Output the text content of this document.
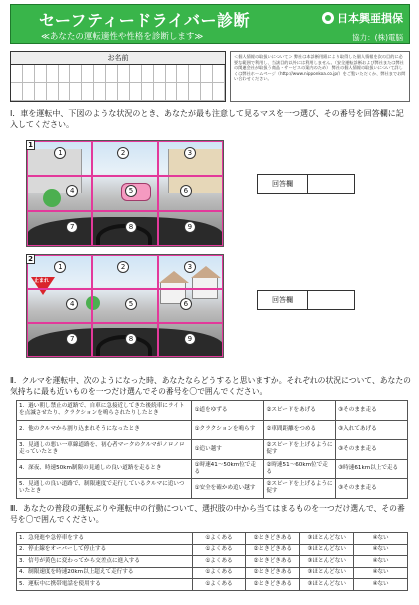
セーフティードライバー診断
≪あなたの運転適性や性格を診断します≫
日本興亜損保
協力：(株)電脳
お名前	＜個人情報の取扱いについて＞ 弊社は本診断用紙により取得した個人情報を次の目的に必要な範囲で利用し、当該目的以外には利用しません。（安全運転診断および弊社または弊社の関連会社が取扱う商品・サービスの案内のため） 弊社の個人情報の取扱いについて詳しくは弊社ホームページ（http://www.nipponkoa.co.jp/）をご覧いただくか、弊社までお問い合わせください。
Ⅰ．車を運転中、下図のような状況のとき、あなたが最も注意して見るマスを一つ選び、その番号を回答欄に記入してください。
1
1	2	3
4	5	6
7	8	9
回答欄
2
止まれ
1	2	3
4	5	6
7	8	9
回答欄
Ⅱ．クルマを運転中、次のようになった時、あなたならどうすると思いますか。それぞれの状況について、あなたの気持ちに最も近いものを一つだけ選んでその番号を〇で囲んでください。
1．過い朝し禁止の道路で、自車に急接近してきた後続車にライトを点滅させたり、クラクションを鳴らされたりしたとき	①道をゆずる	②スピードをあげる	③そのまま走る
2．他のクルマから割り込まれそうになったとき	①クラクションを鳴らす	②車間距離をつめる	③入れてあげる
3．見通しの悪い一車線道路を、初心者マークのクルマがノロノロ走っていたとき	①追い越す	②スピードを上げるように促す	③そのまま走る
4．深夜、時速50km制限の見通しの良い道路を走るとき	①時速41〜50km位で走る	②時速51〜60km位で走る	③時速61km以上で走る
5．見通しの良い道路で、制限速度で走行しているクルマに追いついたとき	①安全を確かめ追い越す	②スピードを上げるように促す	③そのまま走る
Ⅲ．あなたの普段の運転ぶりや運転中の行動について、選択肢の中から当てはまるものを一つだけ選んで、その番号を〇で囲んでください。
1．急発進や急停車をする	①よくある	②ときどきある	③ほとんどない	④ない
2．停止線をオーバーして停止する	①よくある	②ときどきある	③ほとんどない	④ない
3．信号が黄色に変わってから交差点に進入する	①よくある	②ときどきある	③ほとんどない	④ない
4．制限速度を時速20km以上超えて走行する	①よくある	②ときどきある	③ほとんどない	④ない
5．運転中に携帯電話を使用する	①よくある	②ときどきある	③ほとんどない	④ない
